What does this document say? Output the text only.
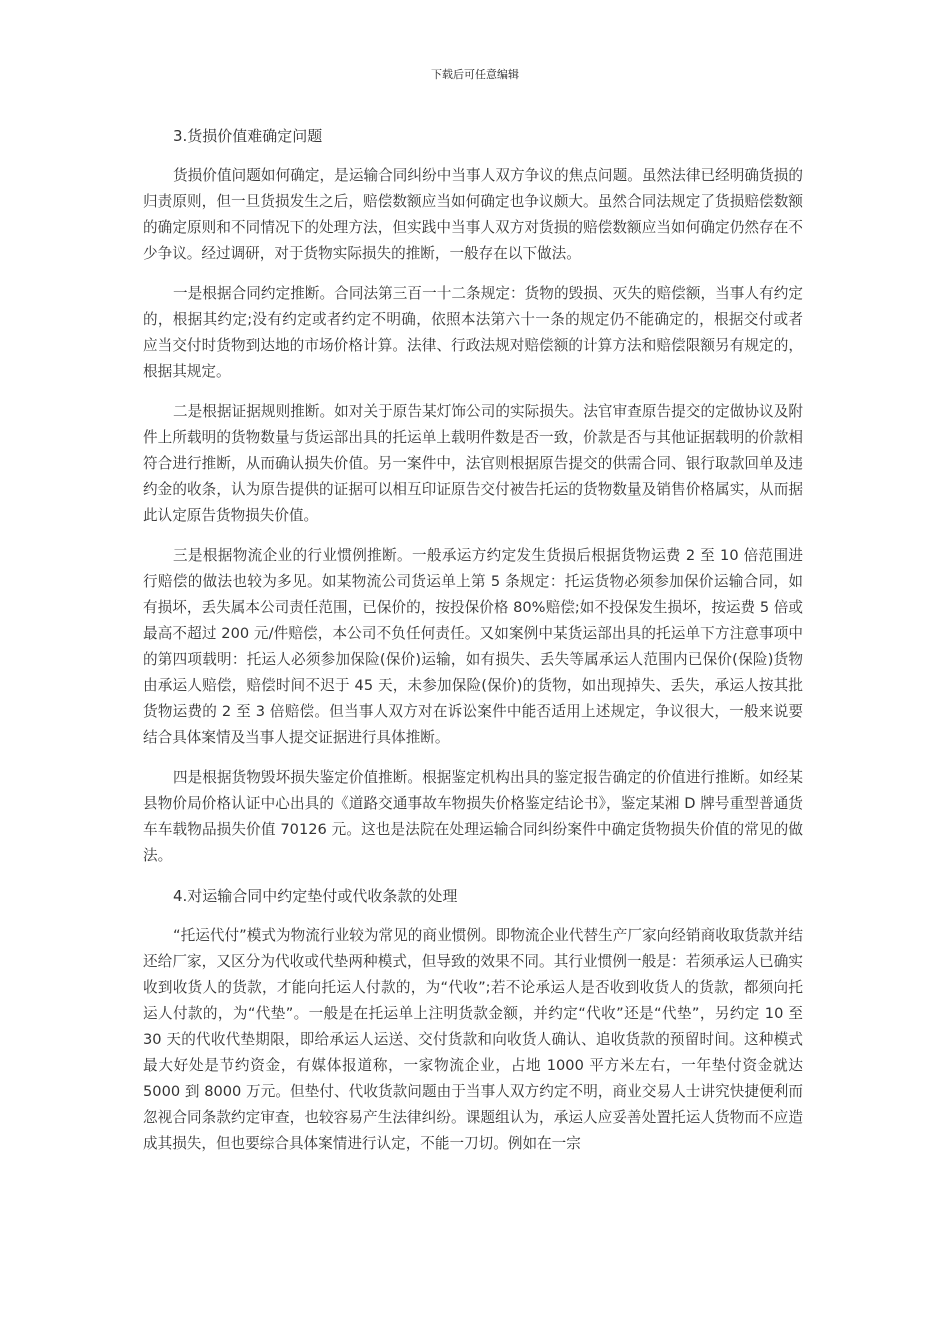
下载后可任意编辑
3.货损价值难确定问题

货损价值问题如何确定，是运输合同纠纷中当事人双方争议的焦点问题。虽然法律已经明确货损的归责原则，但一旦货损发生之后，赔偿数额应当如何确定也争议颇大。虽然合同法规定了货损赔偿数额的确定原则和不同情况下的处理方法，但实践中当事人双方对货损的赔偿数额应当如何确定仍然存在不少争议。经过调研，对于货物实际损失的推断，一般存在以下做法。

一是根据合同约定推断。合同法第三百一十二条规定：货物的毁损、灭失的赔偿额，当事人有约定的，根据其约定;没有约定或者约定不明确，依照本法第六十一条的规定仍不能确定的，根据交付或者应当交付时货物到达地的市场价格计算。法律、行政法规对赔偿额的计算方法和赔偿限额另有规定的，根据其规定。

二是根据证据规则推断。如对关于原告某灯饰公司的实际损失。法官审查原告提交的定做协议及附件上所载明的货物数量与货运部出具的托运单上载明件数是否一致，价款是否与其他证据载明的价款相符合进行推断，从而确认损失价值。另一案件中，法官则根据原告提交的供需合同、银行取款回单及违约金的收条，认为原告提供的证据可以相互印证原告交付被告托运的货物数量及销售价格属实，从而据此认定原告货物损失价值。

三是根据物流企业的行业惯例推断。一般承运方约定发生货损后根据货物运费 2 至 10 倍范围进行赔偿的做法也较为多见。如某物流公司货运单上第 5 条规定：托运货物必须参加保价运输合同，如有损坏，丢失属本公司责任范围，已保价的，按投保价格 80%赔偿;如不投保发生损坏，按运费 5 倍或最高不超过 200 元/件赔偿，本公司不负任何责任。又如案例中某货运部出具的托运单下方注意事项中的第四项载明：托运人必须参加保险(保价)运输，如有损失、丢失等属承运人范围内已保价(保险)货物由承运人赔偿，赔偿时间不迟于 45 天，未参加保险(保价)的货物，如出现掉失、丢失，承运人按其批货物运费的 2 至 3 倍赔偿。但当事人双方对在诉讼案件中能否适用上述规定，争议很大，一般来说要结合具体案情及当事人提交证据进行具体推断。

四是根据货物毁坏损失鉴定价值推断。根据鉴定机构出具的鉴定报告确定的价值进行推断。如经某县物价局价格认证中心出具的《道路交通事故车物损失价格鉴定结论书》，鉴定某湘 D 牌号重型普通货车车载物品损失价值 70126 元。这也是法院在处理运输合同纠纷案件中确定货物损失价值的常见的做法。

4.对运输合同中约定垫付或代收条款的处理

“托运代付”模式为物流行业较为常见的商业惯例。即物流企业代替生产厂家向经销商收取货款并结还给厂家，又区分为代收或代垫两种模式，但导致的效果不同。其行业惯例一般是：若须承运人已确实收到收货人的货款，才能向托运人付款的，为“代收”;若不论承运人是否收到收货人的货款，都须向托运人付款的，为“代垫”。一般是在托运单上注明货款金额，并约定“代收”还是“代垫”，另约定 10 至 30 天的代收代垫期限，即给承运人运送、交付货款和向收货人确认、追收货款的预留时间。这种模式最大好处是节约资金，有媒体报道称，一家物流企业，占地 1000 平方米左右，一年垫付资金就达 5000 到 8000 万元。但垫付、代收货款问题由于当事人双方约定不明，商业交易人士讲究快捷便利而忽视合同条款约定审查，也较容易产生法律纠纷。课题组认为，承运人应妥善处置托运人货物而不应造成其损失，但也要综合具体案情进行认定，不能一刀切。例如在一宗
